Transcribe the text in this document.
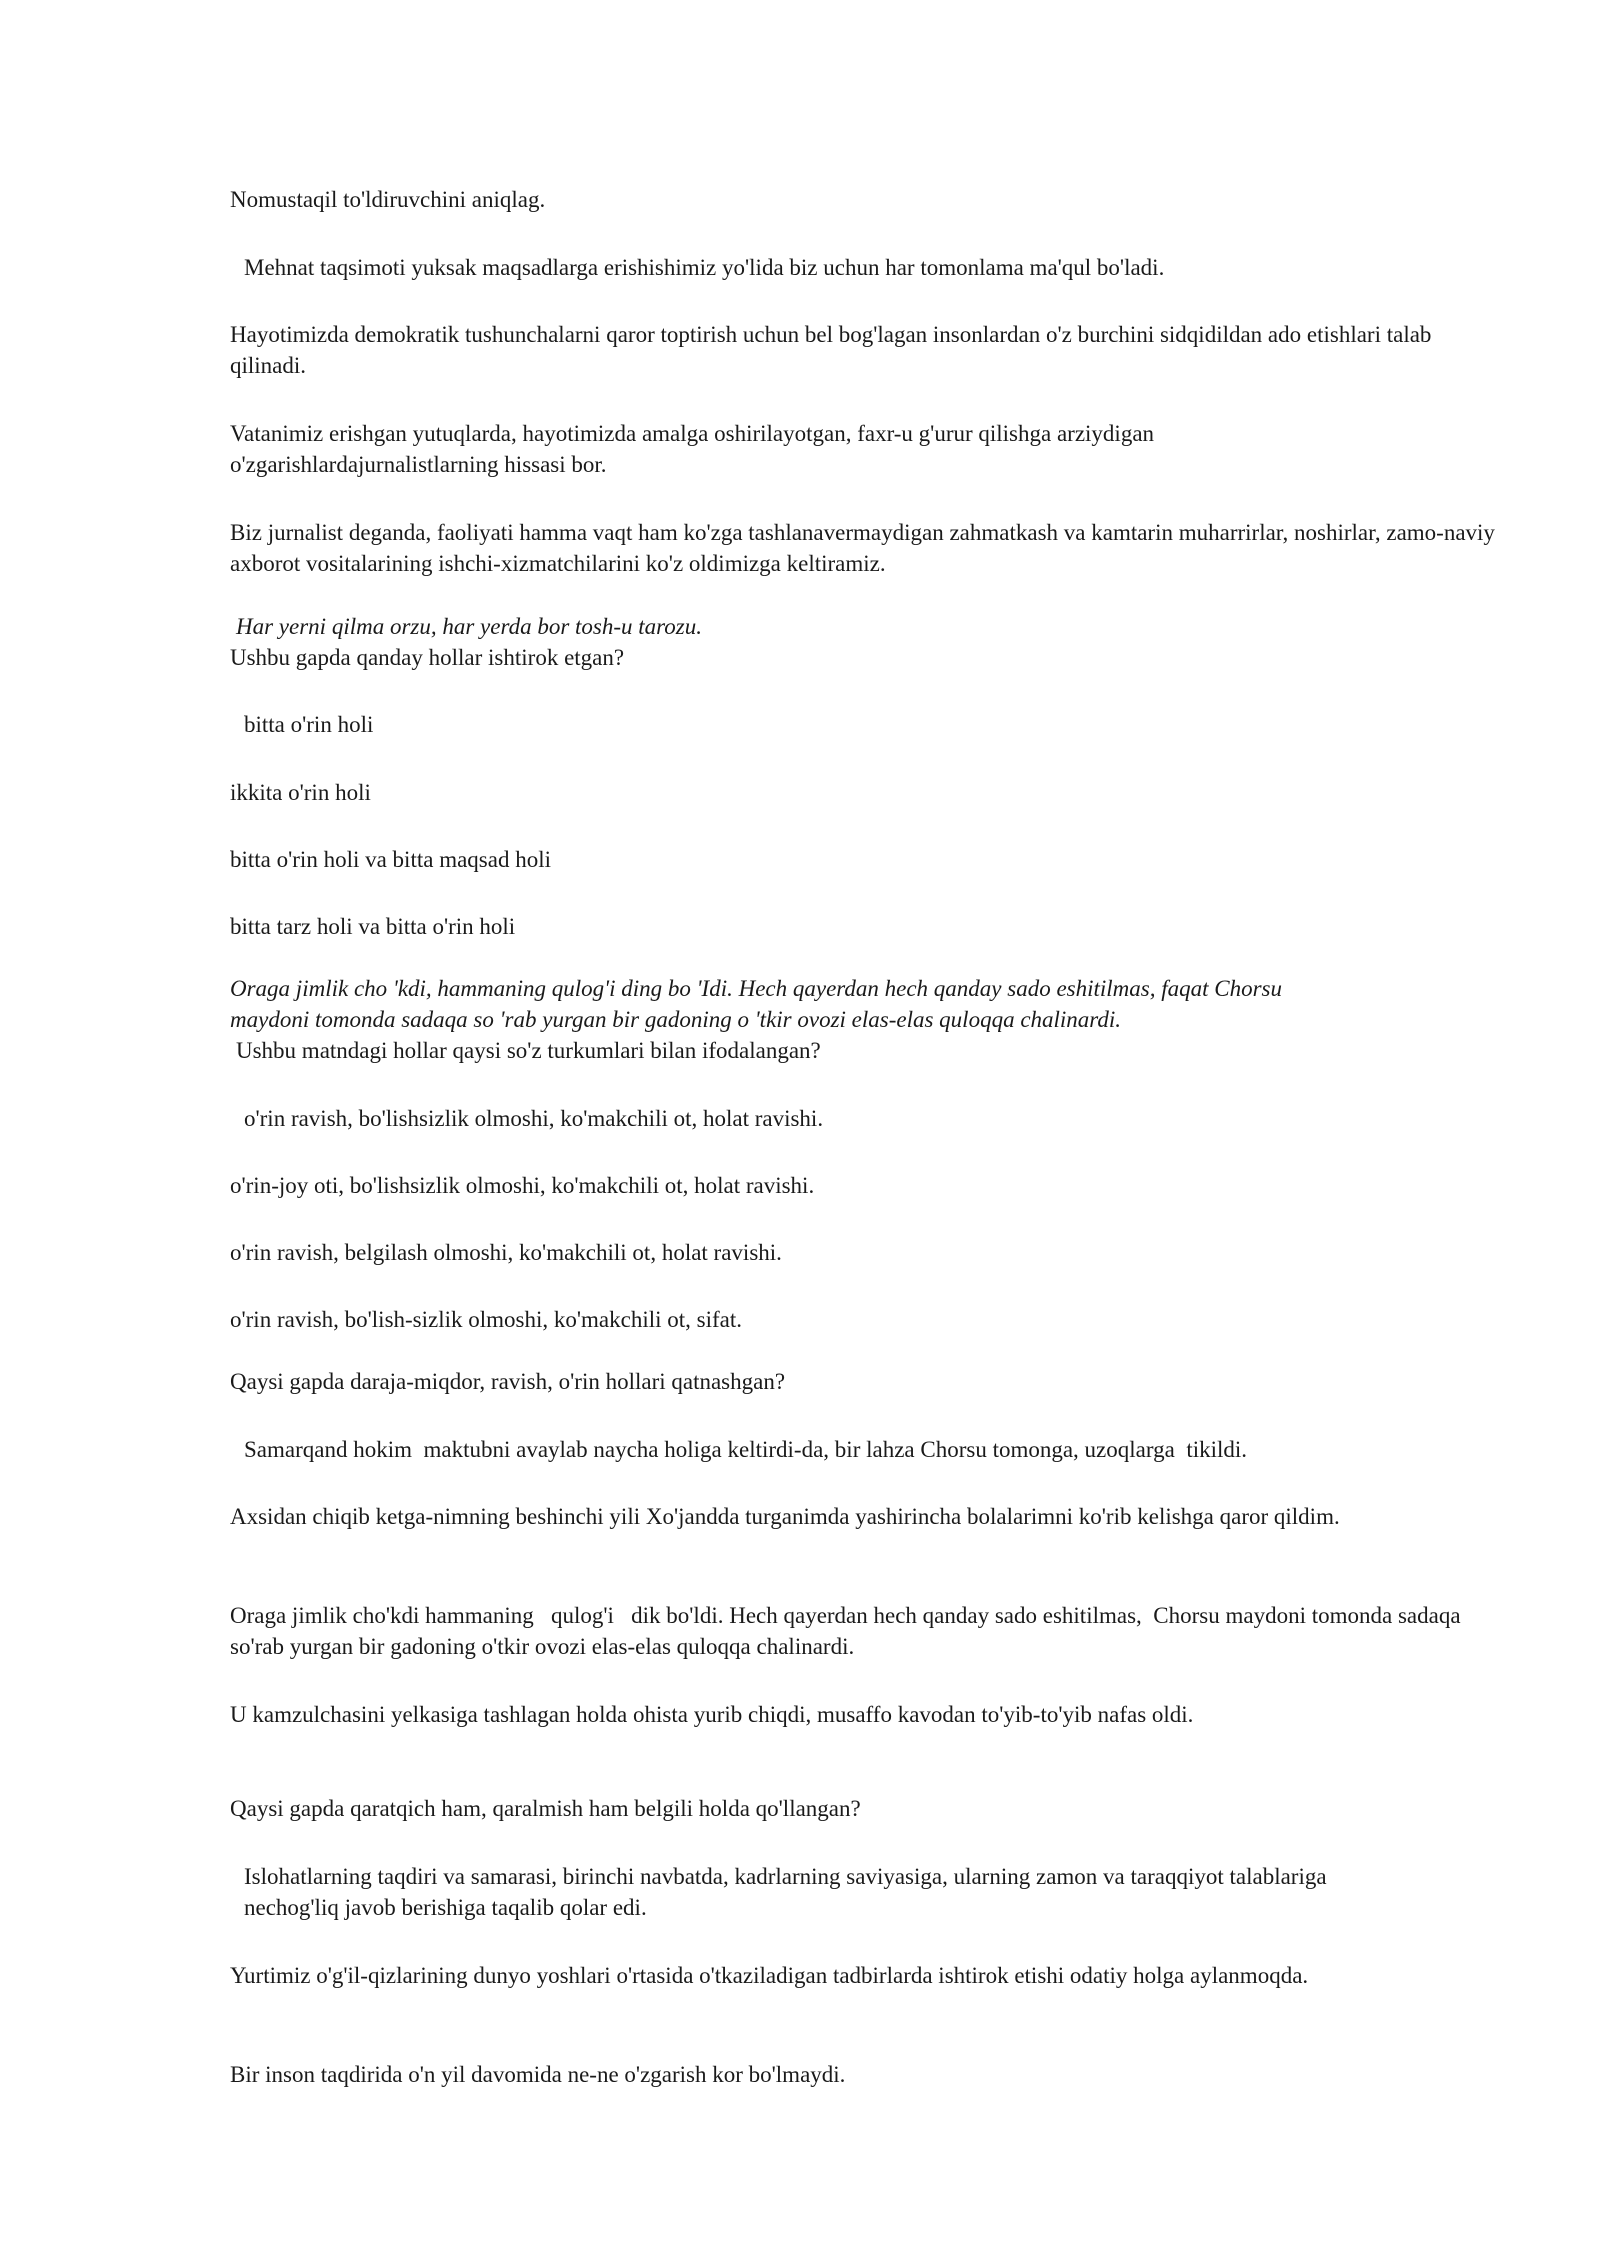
Nomustaqil to'ldiruvchini aniqlag.

Mehnat taqsimoti yuksak maqsadlarga erishishimiz yo'lida biz uchun har tomonlama ma'qul bo'ladi.

Hayotimizda demokratik tushunchalarni qaror toptirish uchun bel bog'lagan insonlardan o'z burchini sidqidildan ado etishlari talab qilinadi.

Vatanimiz erishgan yutuqlarda, hayotimizda amalga oshirilayotgan, faxr-u g'urur qilishga arziydigan o'zgarishlardajurnalistlarning hissasi bor.

Biz jurnalist deganda, faoliyati hamma vaqt ham ko'zga tashlanavermaydigan zahmatkash va kamtarin muharrirlar, noshirlar, zamo-naviy axborot vositalarining ishchi-xizmatchilarini ko'z oldimizga keltiramiz.

Har yerni qilma orzu, har yerda bor tosh-u tarozu.

Ushbu gapda qanday hollar ishtirok etgan?

bitta o'rin holi

ikkita o'rin holi

bitta o'rin holi va bitta maqsad holi

bitta tarz holi va bitta o'rin holi

Oraga jimlik cho 'kdi, hammaning qulog'i ding bo 'Idi. Hech qayerdan hech qanday sado eshitilmas, faqat Chorsu

maydoni tomonda sadaqa so 'rab yurgan bir gadoning o 'tkir ovozi elas-elas quloqqa chalinardi.

Ushbu matndagi hollar qaysi so'z turkumlari bilan ifodalangan?

o'rin ravish, bo'lishsizlik olmoshi, ko'makchili ot, holat ravishi.

o'rin-joy oti, bo'lishsizlik olmoshi, ko'makchili ot, holat ravishi.

o'rin ravish, belgilash olmoshi, ko'makchili ot, holat ravishi.

o'rin ravish, bo'lish-sizlik olmoshi, ko'makchili ot, sifat.

Qaysi gapda daraja-miqdor, ravish, o'rin hollari qatnashgan?

Samarqand hokim  maktubni avaylab naycha holiga keltirdi-da, bir lahza Chorsu tomonga, uzoqlarga  tikildi.

Axsidan chiqib ketga-nimning beshinchi yili Xo'jandda turganimda yashirincha bolalarimni ko'rib kelishga qaror qildim.

Oraga jimlik cho'kdi hammaning   qulog'i   dik bo'ldi. Hech qayerdan hech qanday sado eshitilmas,  Chorsu maydoni tomonda sadaqa so'rab yurgan bir gadoning o'tkir ovozi elas-elas quloqqa chalinardi.

U kamzulchasini yelkasiga tashlagan holda ohista yurib chiqdi, musaffo kavodan to'yib-to'yib nafas oldi.

Qaysi gapda qaratqich ham, qaralmish ham belgili holda qo'llangan?

Islohatlarning taqdiri va samarasi, birinchi navbatda, kadrlarning saviyasiga, ularning zamon va taraqqiyot talablariga nechog'liq javob berishiga taqalib qolar edi.

Yurtimiz o'g'il-qizlarining dunyo yoshlari o'rtasida o'tkaziladigan tadbirlarda ishtirok etishi odatiy holga aylanmoqda.

Bir inson taqdirida o'n yil davomida ne-ne o'zgarish kor bo'lmaydi.
